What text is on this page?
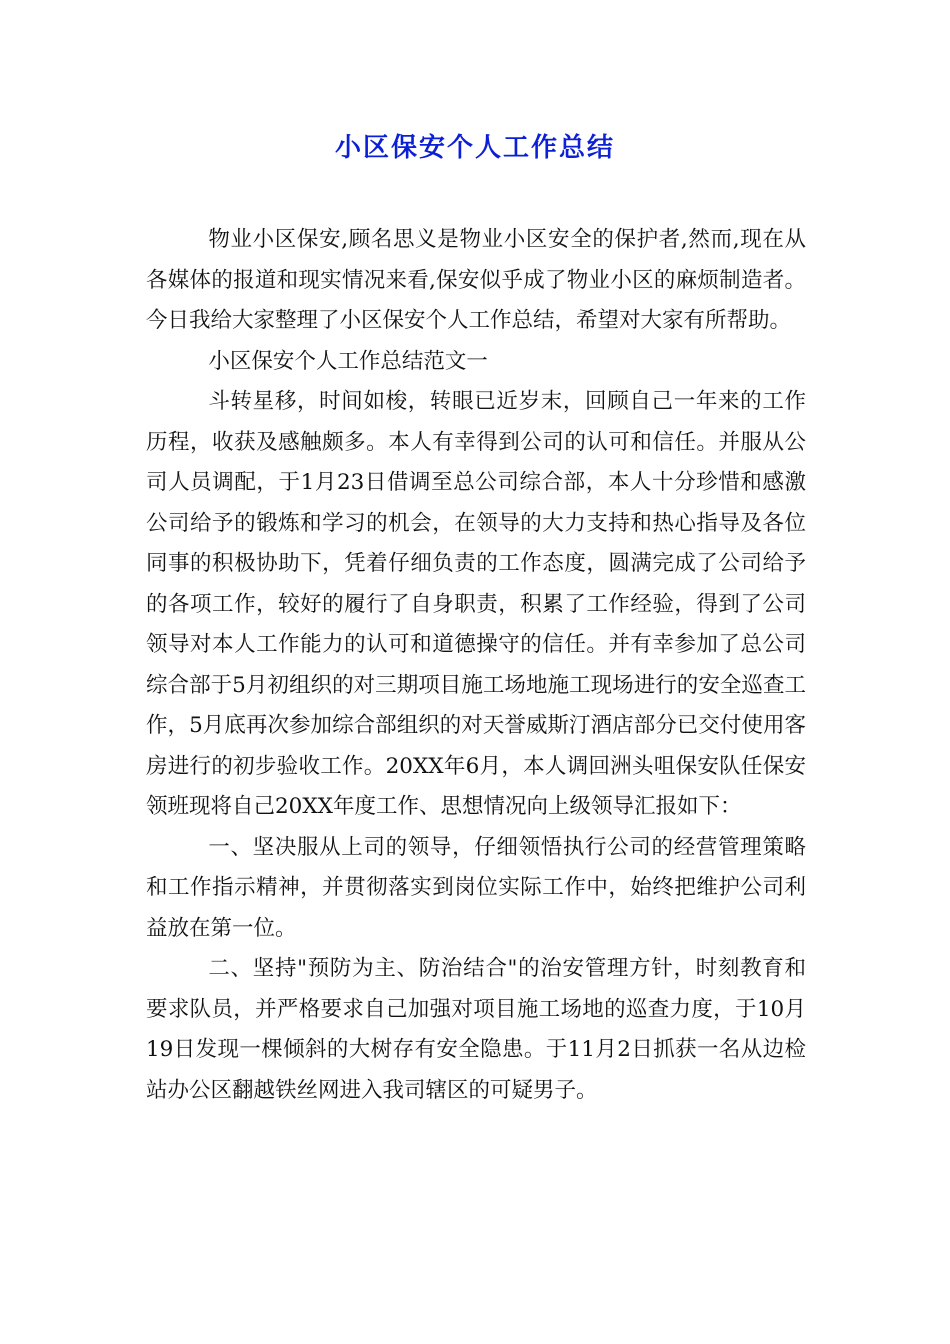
小区保安个人工作总结

物业小区保安,顾名思义是物业小区安全的保护者,然而,现在从各媒体的报道和现实情况来看,保安似乎成了物业小区的麻烦制造者。今日我给大家整理了小区保安个人工作总结，希望对大家有所帮助。

小区保安个人工作总结范文一

斗转星移，时间如梭，转眼已近岁末，回顾自己一年来的工作历程，收获及感触颇多。本人有幸得到公司的认可和信任。并服从公司人员调配，于1月23日借调至总公司综合部，本人十分珍惜和感激公司给予的锻炼和学习的机会，在领导的大力支持和热心指导及各位同事的积极协助下，凭着仔细负责的工作态度，圆满完成了公司给予的各项工作，较好的履行了自身职责，积累了工作经验，得到了公司领导对本人工作能力的认可和道德操守的信任。并有幸参加了总公司综合部于5月初组织的对三期项目施工场地施工现场进行的安全巡查工作，5月底再次参加综合部组织的对天誉威斯汀酒店部分已交付使用客房进行的初步验收工作。20XX年6月，本人调回洲头咀保安队任保安领班现将自己20XX年度工作、思想情况向上级领导汇报如下：

一、坚决服从上司的领导，仔细领悟执行公司的经营管理策略和工作指示精神，并贯彻落实到岗位实际工作中，始终把维护公司利益放在第一位。

二、坚持"预防为主、防治结合"的治安管理方针，时刻教育和要求队员，并严格要求自己加强对项目施工场地的巡查力度，于10月19日发现一棵倾斜的大树存有安全隐患。于11月2日抓获一名从边检站办公区翻越铁丝网进入我司辖区的可疑男子。
